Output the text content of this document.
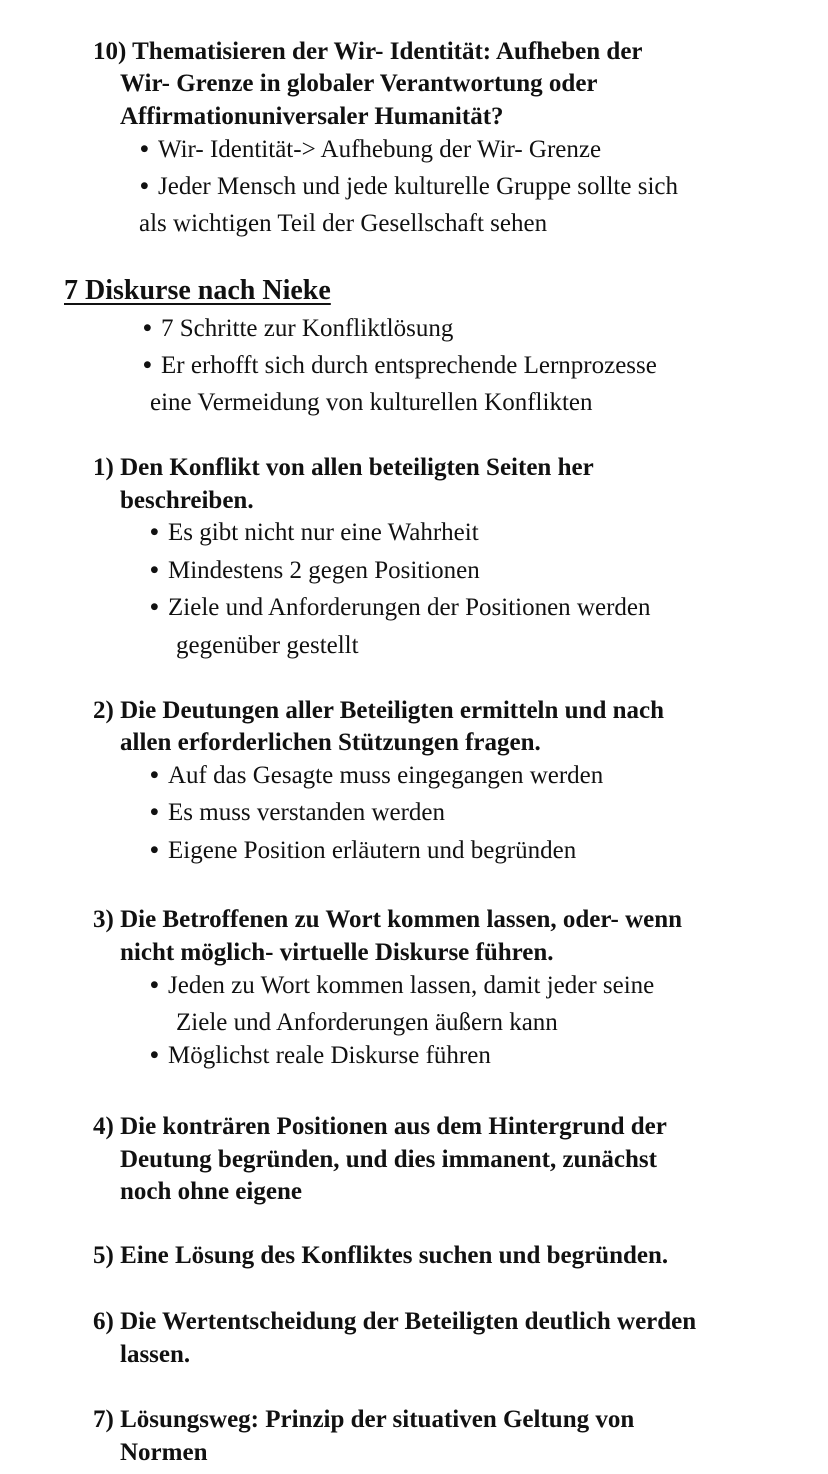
10) Thematisieren der Wir- Identität: Aufheben der
Wir- Grenze in globaler Verantwortung oder
Affirmationuniversaler Humanität?
• Wir- Identität-> Aufhebung der Wir- Grenze
• Jeder Mensch und jede kulturelle Gruppe sollte sich
als wichtigen Teil der Gesellschaft sehen
7 Diskurse nach Nieke
• 7 Schritte zur Konfliktlösung
• Er erhofft sich durch entsprechende Lernprozesse
eine Vermeidung von kulturellen Konflikten
1) Den Konflikt von allen beteiligten Seiten her
beschreiben.
• Es gibt nicht nur eine Wahrheit
• Mindestens 2 gegen Positionen
• Ziele und Anforderungen der Positionen werden
gegenüber gestellt
2) Die Deutungen aller Beteiligten ermitteln und nach
allen erforderlichen Stützungen fragen.
• Auf das Gesagte muss eingegangen werden
• Es muss verstanden werden
• Eigene Position erläutern und begründen
3) Die Betroffenen zu Wort kommen lassen, oder- wenn
nicht möglich- virtuelle Diskurse führen.
• Jeden zu Wort kommen lassen, damit jeder seine
Ziele und Anforderungen äußern kann
• Möglichst reale Diskurse führen
4) Die konträren Positionen aus dem Hintergrund der
Deutung begründen, und dies immanent, zunächst
noch ohne eigene
5) Eine Lösung des Konfliktes suchen und begründen.
6) Die Wertentscheidung der Beteiligten deutlich werden
lassen.
7) Lösungsweg: Prinzip der situativen Geltung von
Normen
